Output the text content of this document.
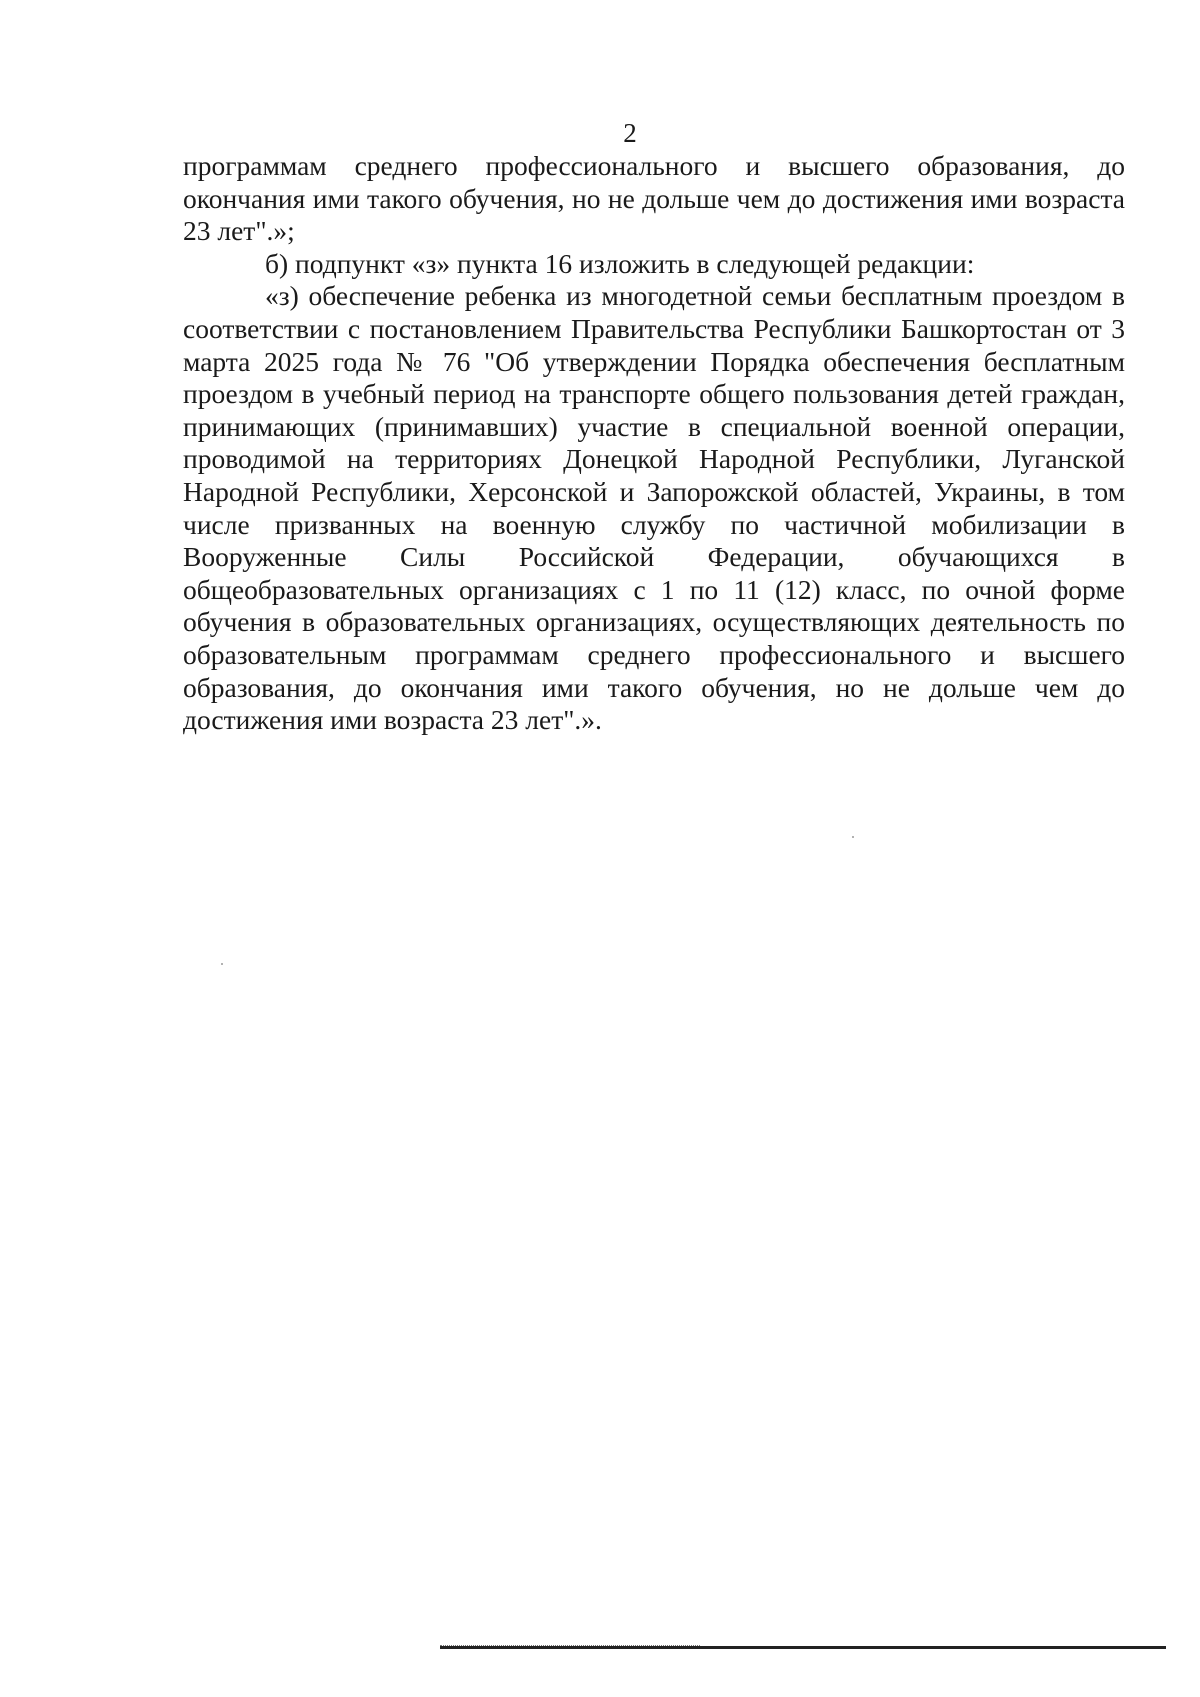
2

программам среднего профессионального и высшего образования, до окончания ими такого обучения, но не дольше чем до достижения ими возраста 23 лет".»;

б) подпункт «з» пункта 16 изложить в следующей редакции:

«з) обеспечение ребенка из многодетной семьи бесплатным проездом в соответствии с постановлением Правительства Республики Башкортостан от 3 марта 2025 года № 76 "Об утверждении Порядка обеспечения бесплатным проездом в учебный период на транспорте общего пользования детей граждан, принимающих (принимавших) участие в специальной военной операции, проводимой на территориях Донецкой Народной Республики, Луганской Народной Республики, Херсонской и Запорожской областей, Украины, в том числе призванных на военную службу по частичной мобилизации в Вооруженные Силы Российской Федерации, обучающихся в общеобразовательных организациях с 1 по 11 (12) класс, по очной форме обучения в образовательных организациях, осуществляющих деятельность по образовательным программам среднего профессионального и высшего образования, до окончания ими такого обучения, но не дольше чем до достижения ими возраста 23 лет".».
